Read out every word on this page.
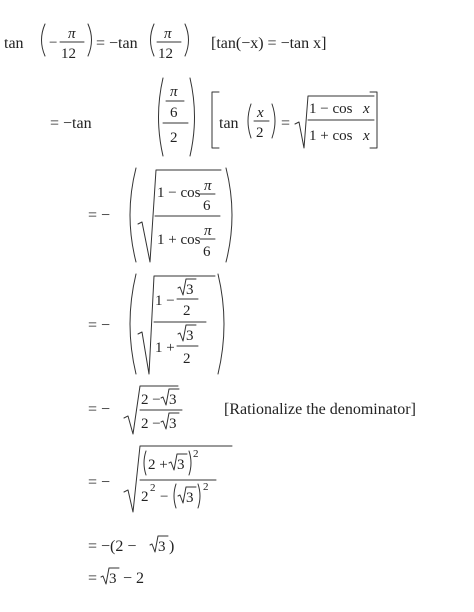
tan −
π
12
= −tan
π
12
[tan(−x) = −tan x]
= −tan
π
6
2
tan
x
2
=
1 − cos x
1 + cos x
= −
1 − cos π
6
1 + cos
π
6
= −
1 −
3
2
1 +
3
2
= −
2 − 3
2 − 3
[Rationalize the denominator]
= −
2 + 3
2
2
2
− 3
2
= −(2 − 3 )
= 3 − 2
